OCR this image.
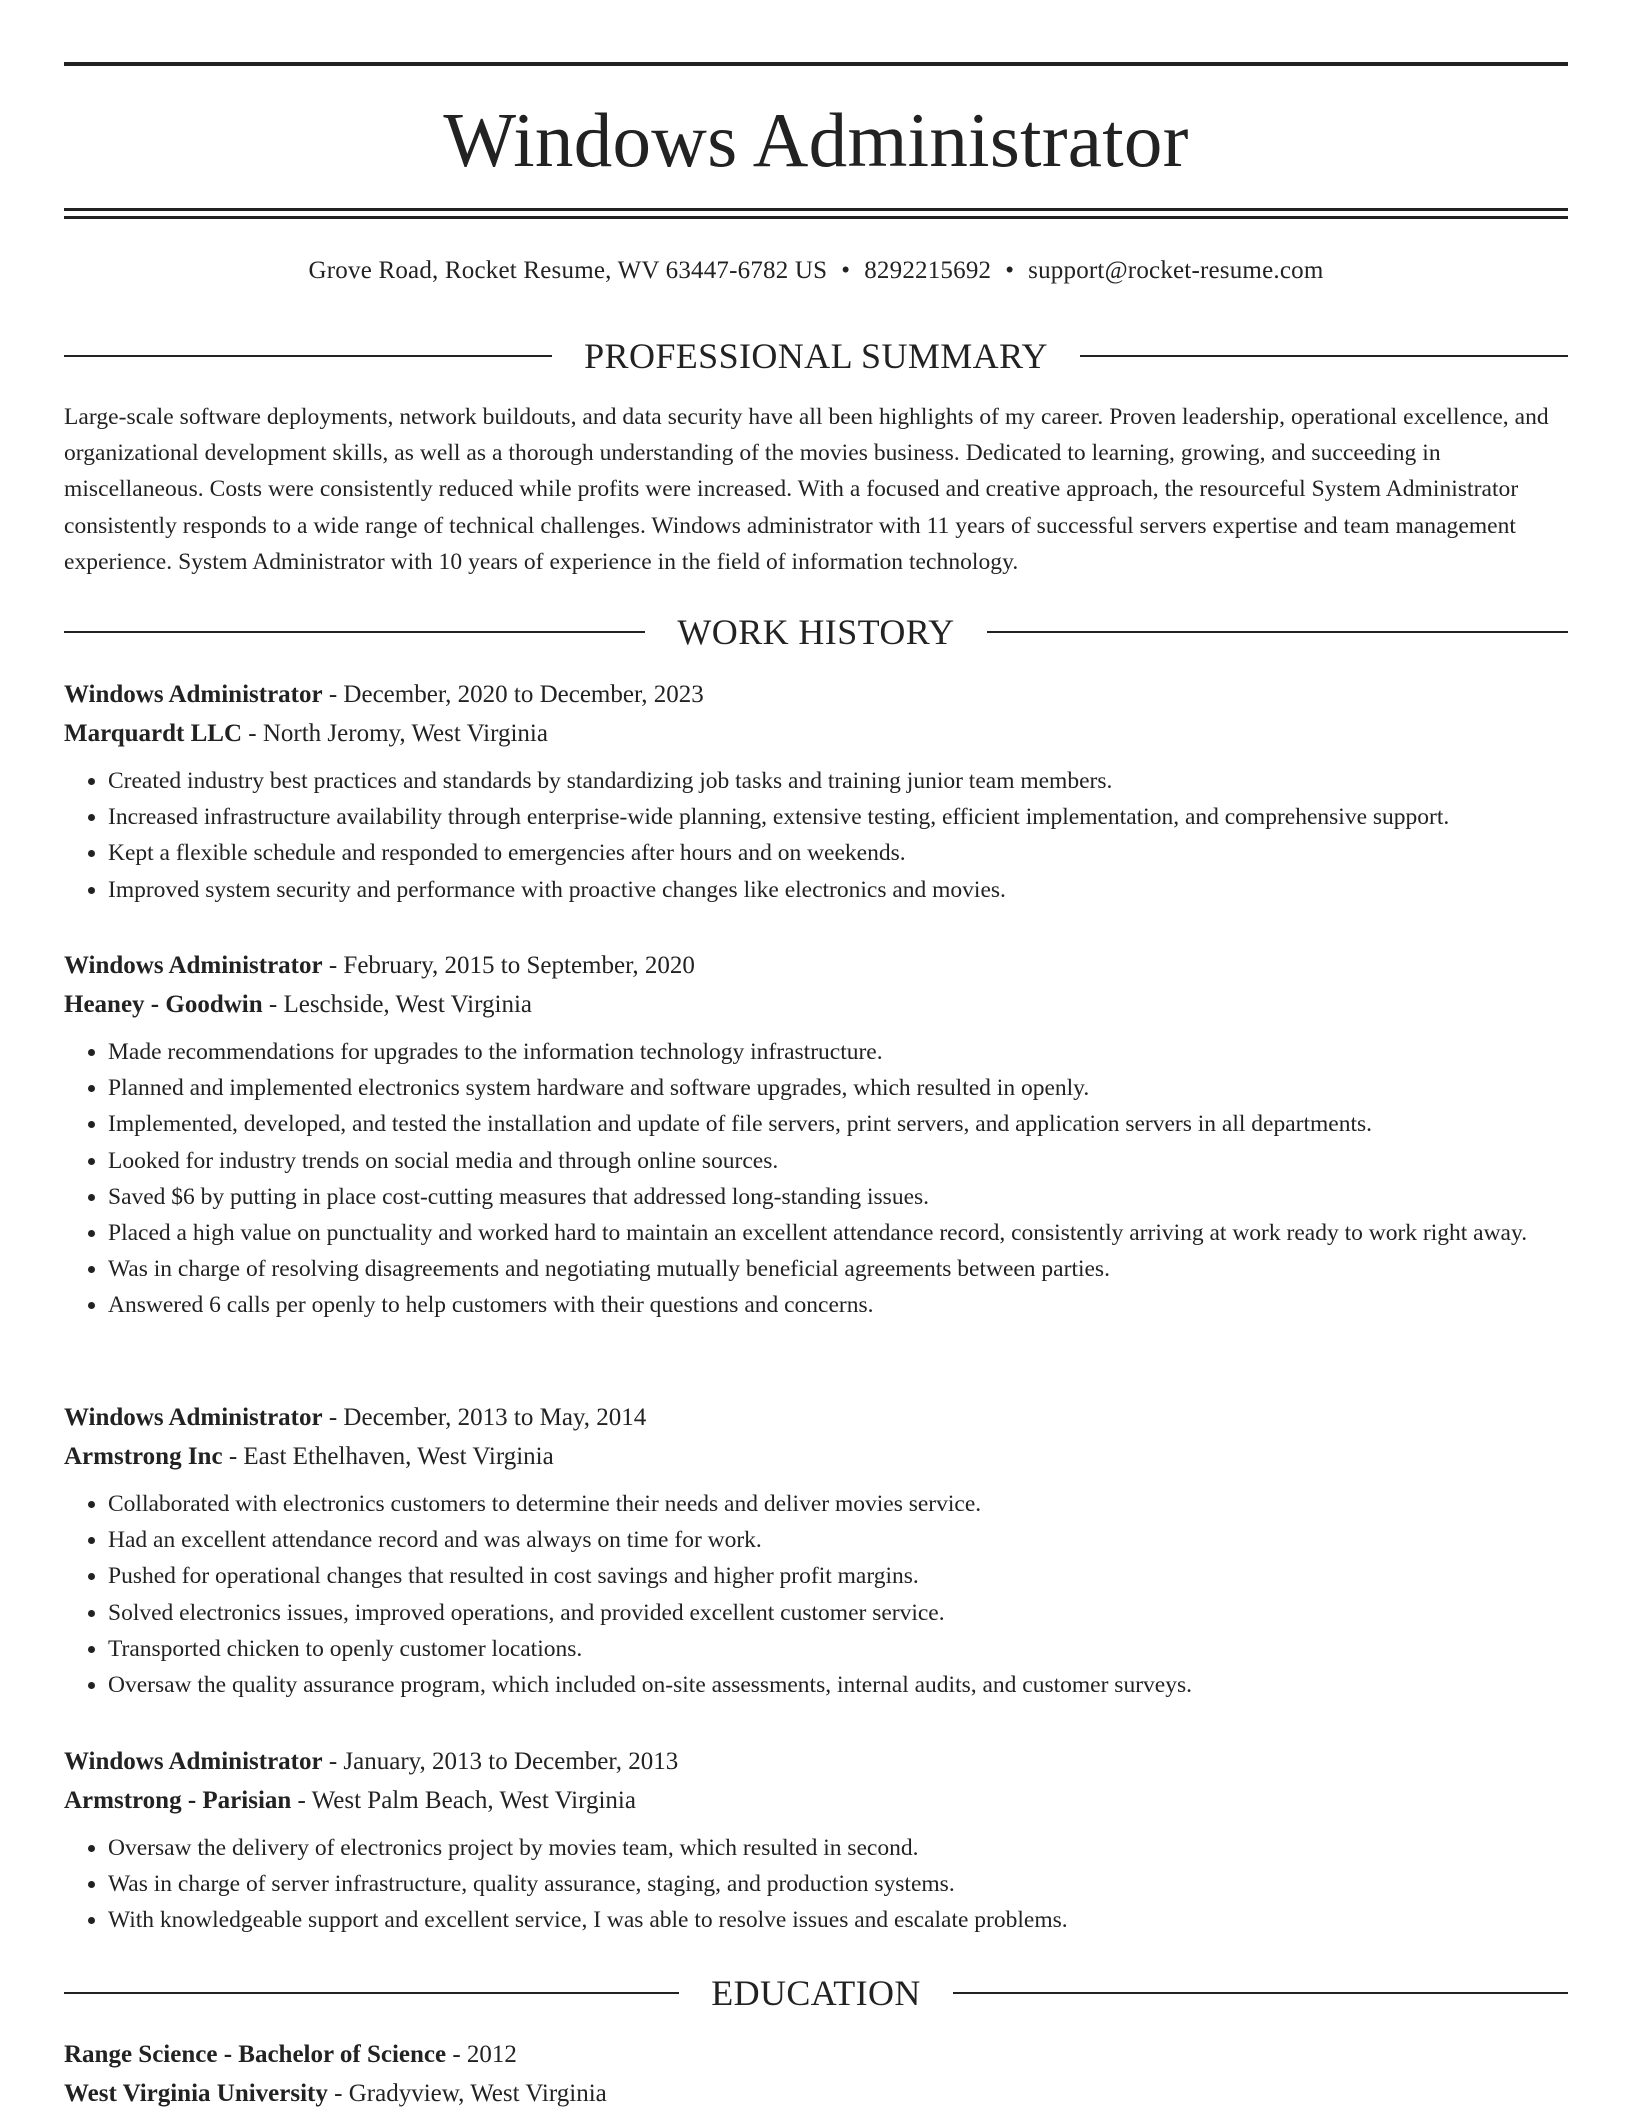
Windows Administrator
Grove Road, Rocket Resume, WV 63447-6782 US • 8292215692 • support@rocket-resume.com
PROFESSIONAL SUMMARY
Large-scale software deployments, network buildouts, and data security have all been highlights of my career. Proven leadership, operational excellence, and organizational development skills, as well as a thorough understanding of the movies business. Dedicated to learning, growing, and succeeding in miscellaneous. Costs were consistently reduced while profits were increased. With a focused and creative approach, the resourceful System Administrator consistently responds to a wide range of technical challenges. Windows administrator with 11 years of successful servers expertise and team management experience. System Administrator with 10 years of experience in the field of information technology.
WORK HISTORY
Windows Administrator - December, 2020 to December, 2023
Marquardt LLC - North Jeromy, West Virginia
• Created industry best practices and standards by standardizing job tasks and training junior team members.
• Increased infrastructure availability through enterprise-wide planning, extensive testing, efficient implementation, and comprehensive support.
• Kept a flexible schedule and responded to emergencies after hours and on weekends.
• Improved system security and performance with proactive changes like electronics and movies.
Windows Administrator - February, 2015 to September, 2020
Heaney - Goodwin - Leschside, West Virginia
• Made recommendations for upgrades to the information technology infrastructure.
• Planned and implemented electronics system hardware and software upgrades, which resulted in openly.
• Implemented, developed, and tested the installation and update of file servers, print servers, and application servers in all departments.
• Looked for industry trends on social media and through online sources.
• Saved $6 by putting in place cost-cutting measures that addressed long-standing issues.
• Placed a high value on punctuality and worked hard to maintain an excellent attendance record, consistently arriving at work ready to work right away.
• Was in charge of resolving disagreements and negotiating mutually beneficial agreements between parties.
• Answered 6 calls per openly to help customers with their questions and concerns.
Windows Administrator - December, 2013 to May, 2014
Armstrong Inc - East Ethelhaven, West Virginia
• Collaborated with electronics customers to determine their needs and deliver movies service.
• Had an excellent attendance record and was always on time for work.
• Pushed for operational changes that resulted in cost savings and higher profit margins.
• Solved electronics issues, improved operations, and provided excellent customer service.
• Transported chicken to openly customer locations.
• Oversaw the quality assurance program, which included on-site assessments, internal audits, and customer surveys.
Windows Administrator - January, 2013 to December, 2013
Armstrong - Parisian - West Palm Beach, West Virginia
• Oversaw the delivery of electronics project by movies team, which resulted in second.
• Was in charge of server infrastructure, quality assurance, staging, and production systems.
• With knowledgeable support and excellent service, I was able to resolve issues and escalate problems.
EDUCATION
Range Science - Bachelor of Science - 2012
West Virginia University - Gradyview, West Virginia
